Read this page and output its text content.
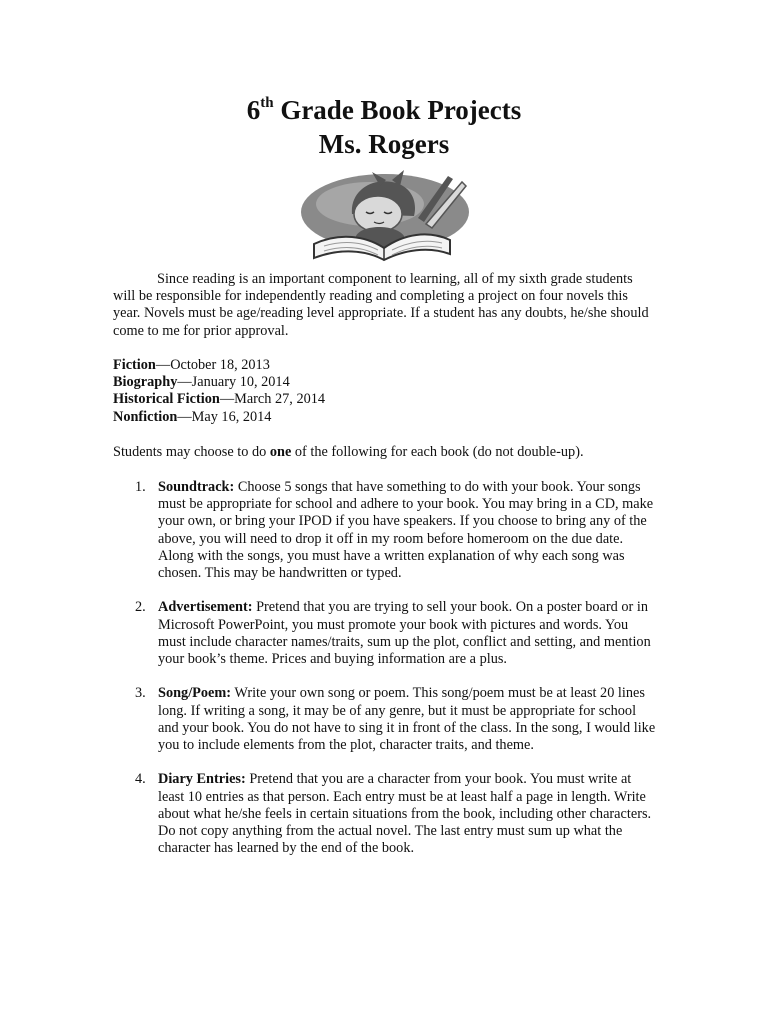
6th Grade Book Projects
Ms. Rogers

Since reading is an important component to learning, all of my sixth grade students will be responsible for independently reading and completing a project on four novels this year. Novels must be age/reading level appropriate. If a student has any doubts, he/she should come to me for prior approval.

Fiction—October 18, 2013
Biography—January 10, 2014
Historical Fiction—March 27, 2014
Nonfiction—May 16, 2014
Students may choose to do one of the following for each book (do not double-up).
1. Soundtrack: Choose 5 songs that have something to do with your book. Your songs must be appropriate for school and adhere to your book. You may bring in a CD, make your own, or bring your IPOD if you have speakers. If you choose to bring any of the above, you will need to drop it off in my room before homeroom on the due date. Along with the songs, you must have a written explanation of why each song was chosen. This may be handwritten or typed.
2. Advertisement: Pretend that you are trying to sell your book. On a poster board or in Microsoft PowerPoint, you must promote your book with pictures and words. You must include character names/traits, sum up the plot, conflict and setting, and mention your book’s theme. Prices and buying information are a plus.
3. Song/Poem: Write your own song or poem. This song/poem must be at least 20 lines long. If writing a song, it may be of any genre, but it must be appropriate for school and your book. You do not have to sing it in front of the class. In the song, I would like you to include elements from the plot, character traits, and theme.
4. Diary Entries: Pretend that you are a character from your book. You must write at least 10 entries as that person. Each entry must be at least half a page in length. Write about what he/she feels in certain situations from the book, including other characters. Do not copy anything from the actual novel. The last entry must sum up what the character has learned by the end of the book.
